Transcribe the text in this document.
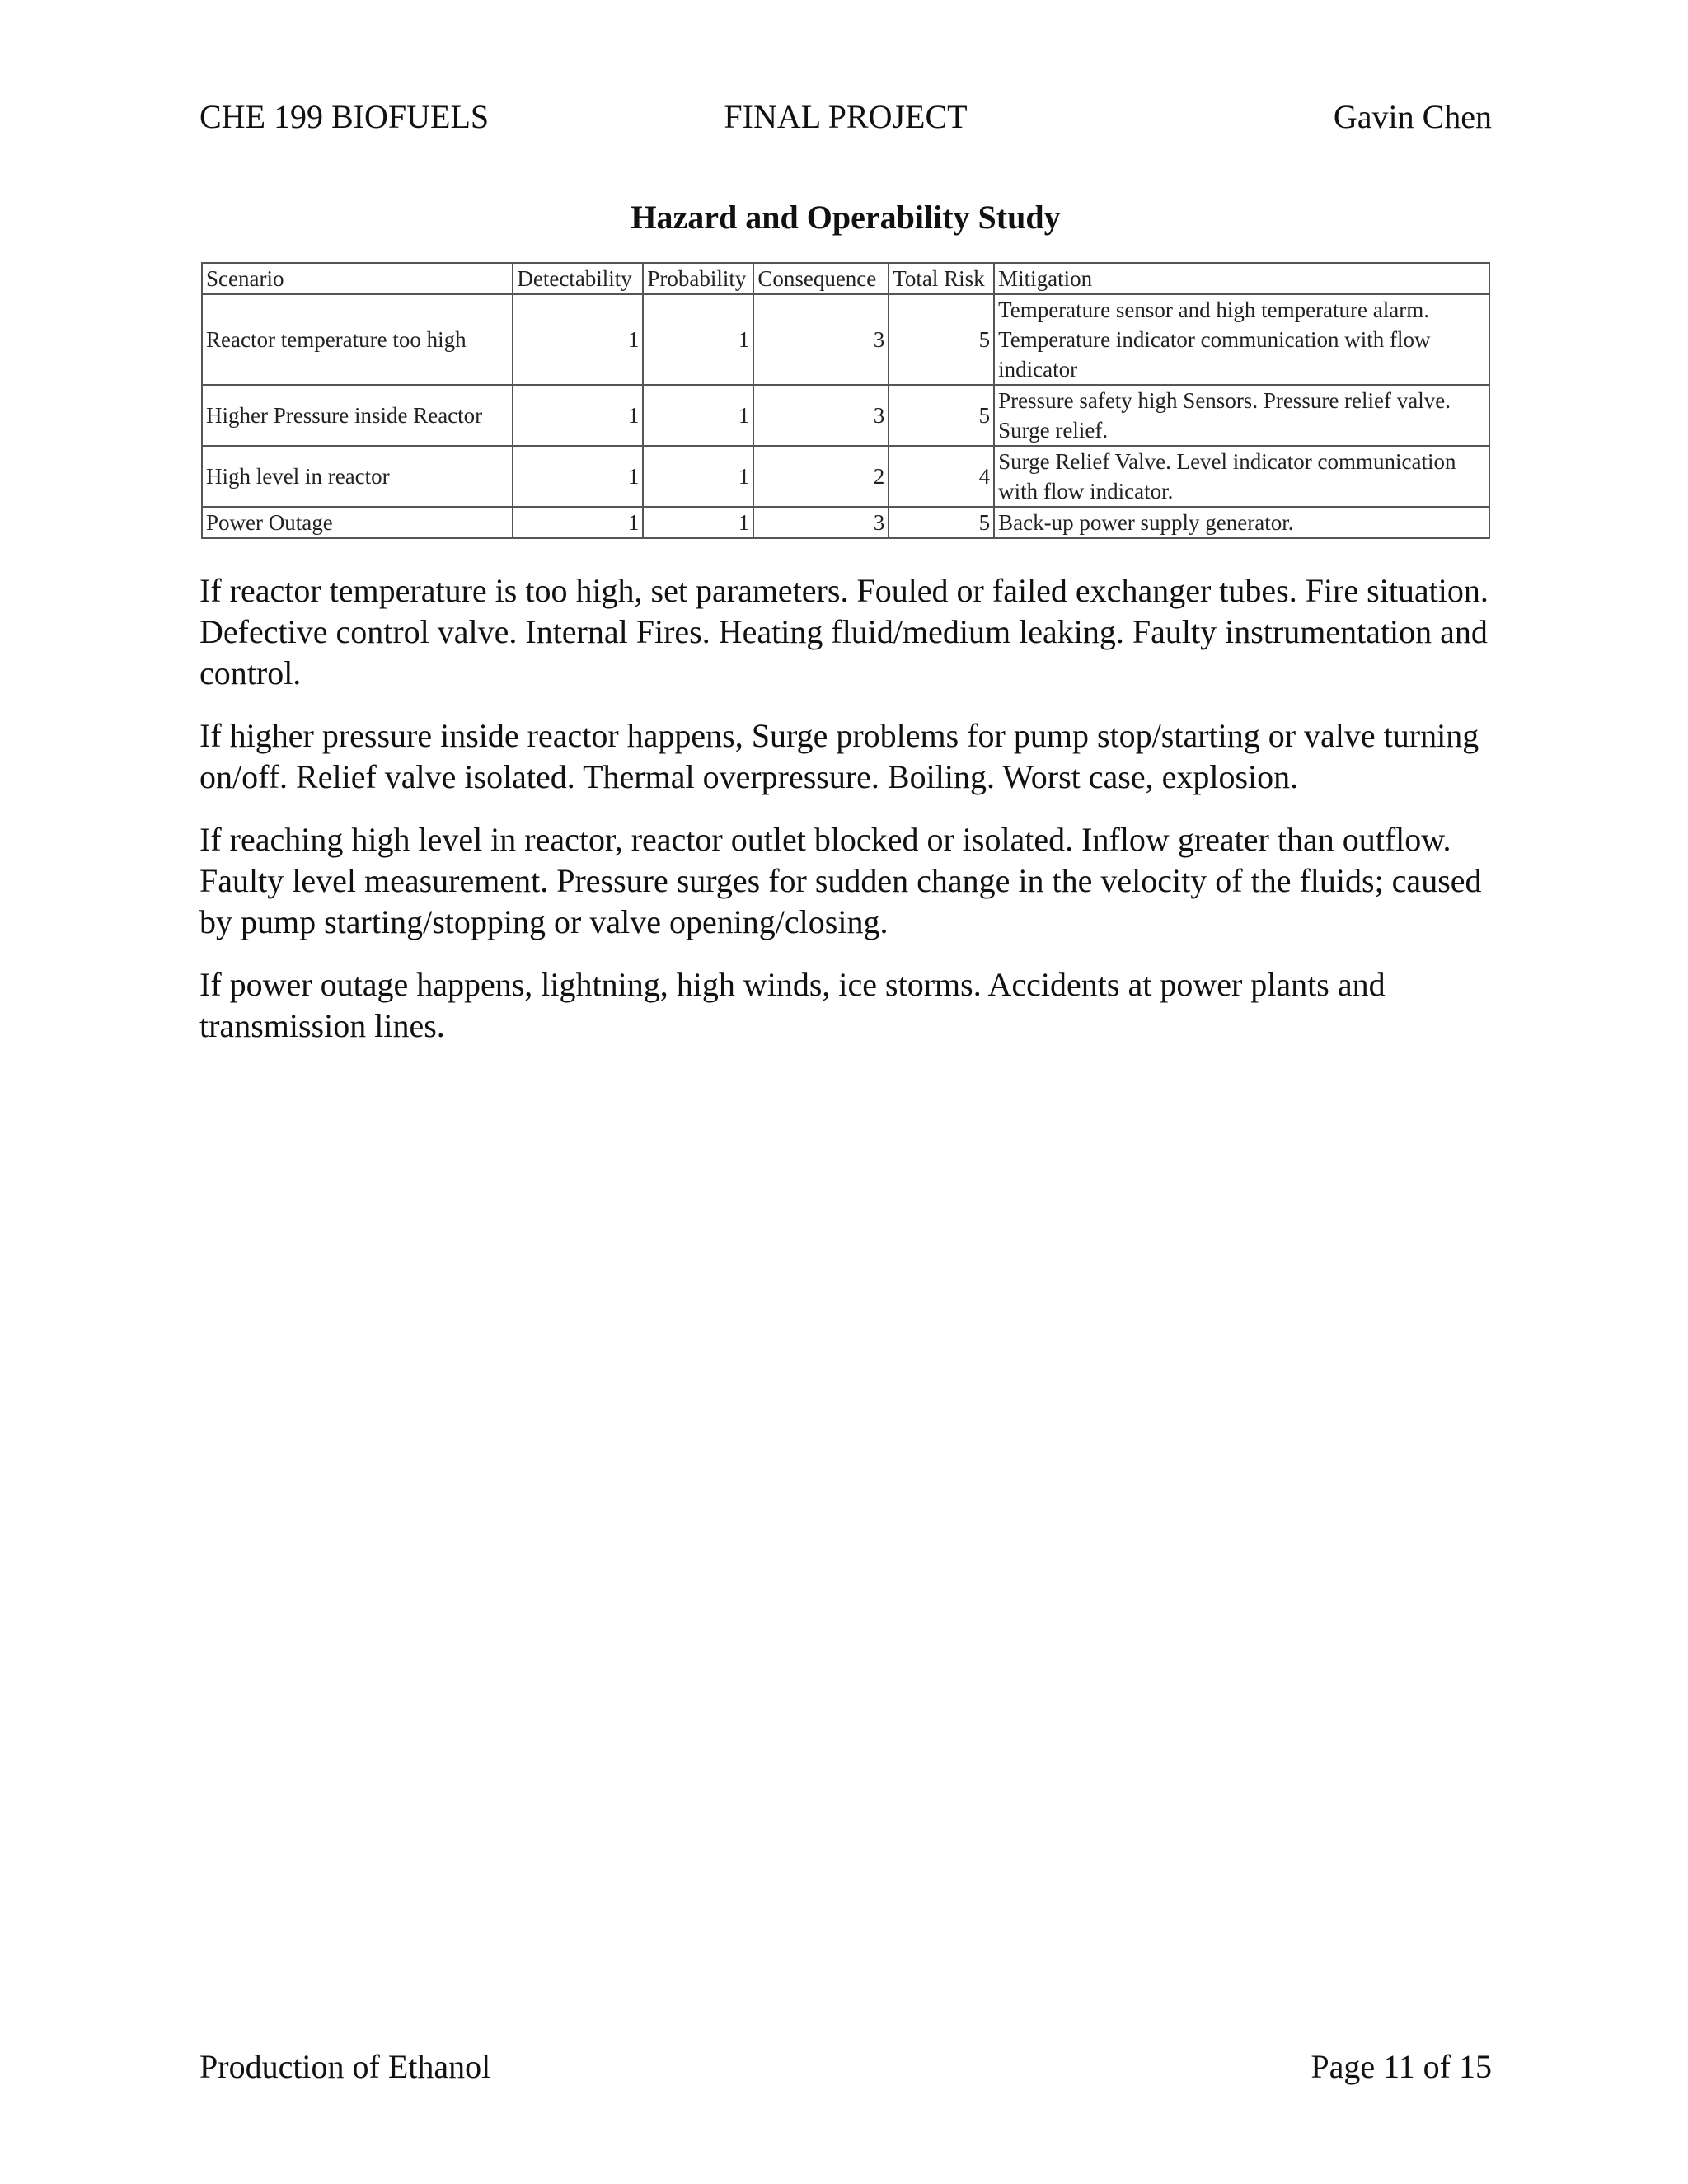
CHE 199 BIOFUELS	FINAL PROJECT	Gavin Chen
Hazard and Operability Study
Scenario	Detectability	Probability	Consequence	Total Risk	Mitigation
Reactor temperature too high	1	1	3	5	Temperature sensor and high temperature alarm. Temperature indicator communication with flow indicator
Higher Pressure inside Reactor	1	1	3	5	Pressure safety high Sensors. Pressure relief valve. Surge relief.
High level in reactor	1	1	2	4	Surge Relief Valve. Level indicator communication with flow indicator.
Power Outage	1	1	3	5	Back-up power supply generator.

If reactor temperature is too high, set parameters. Fouled or failed exchanger tubes. Fire situation. Defective control valve. Internal Fires. Heating fluid/medium leaking. Faulty instrumentation and control.

If higher pressure inside reactor happens, Surge problems for pump stop/starting or valve turning on/off. Relief valve isolated. Thermal overpressure. Boiling. Worst case, explosion.

If reaching high level in reactor, reactor outlet blocked or isolated. Inflow greater than outflow. Faulty level measurement. Pressure surges for sudden change in the velocity of the fluids; caused by pump starting/stopping or valve opening/closing.

If power outage happens, lightning, high winds, ice storms. Accidents at power plants and transmission lines.

Production of Ethanol	Page 11 of 15
